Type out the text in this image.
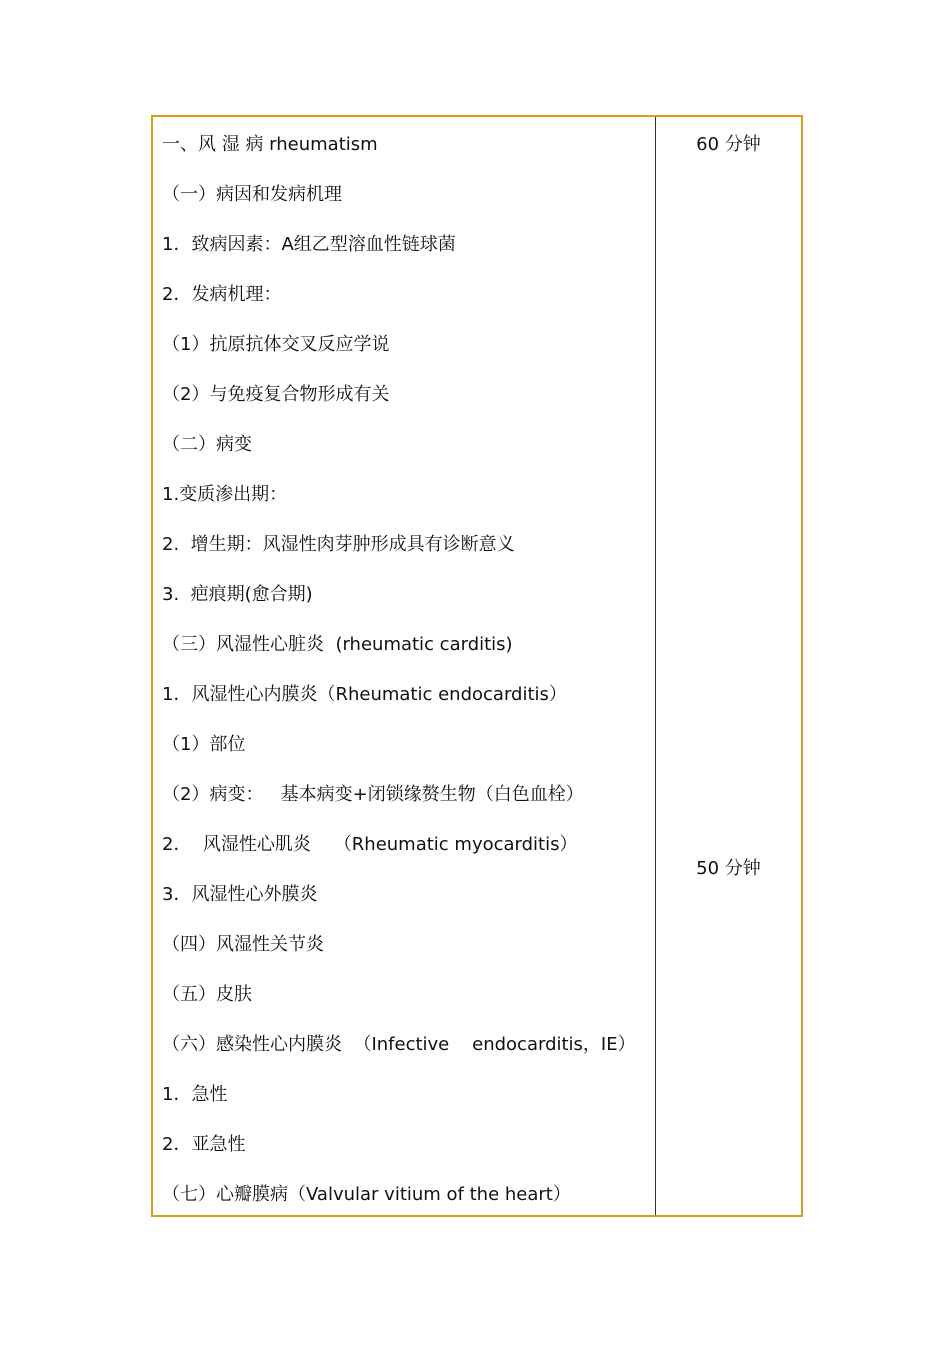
一、风 湿 病 rheumatism
（一）病因和发病机理
1．致病因素：A组乙型溶血性链球菌
2．发病机理：
（1）抗原抗体交叉反应学说
（2）与免疫复合物形成有关
（二）病变
1.变质渗出期：
2.  增生期：风湿性肉芽肿形成具有诊断意义
3.  疤痕期(愈合期)
（三）风湿性心脏炎  (rheumatic carditis)
1．风湿性心内膜炎（Rheumatic endocarditis）
（1）部位
（2）病变：   基本病变+闭锁缘赘生物（白色血栓）
2．  风湿性心肌炎    （Rheumatic myocarditis）
3．风湿性心外膜炎
（四）风湿性关节炎
（五）皮肤
（六）感染性心内膜炎  （Infective    endocarditis，IE）
1．急性
2．亚急性
（七）心瓣膜病（Valvular vitium of the heart）
60 分钟
50 分钟
